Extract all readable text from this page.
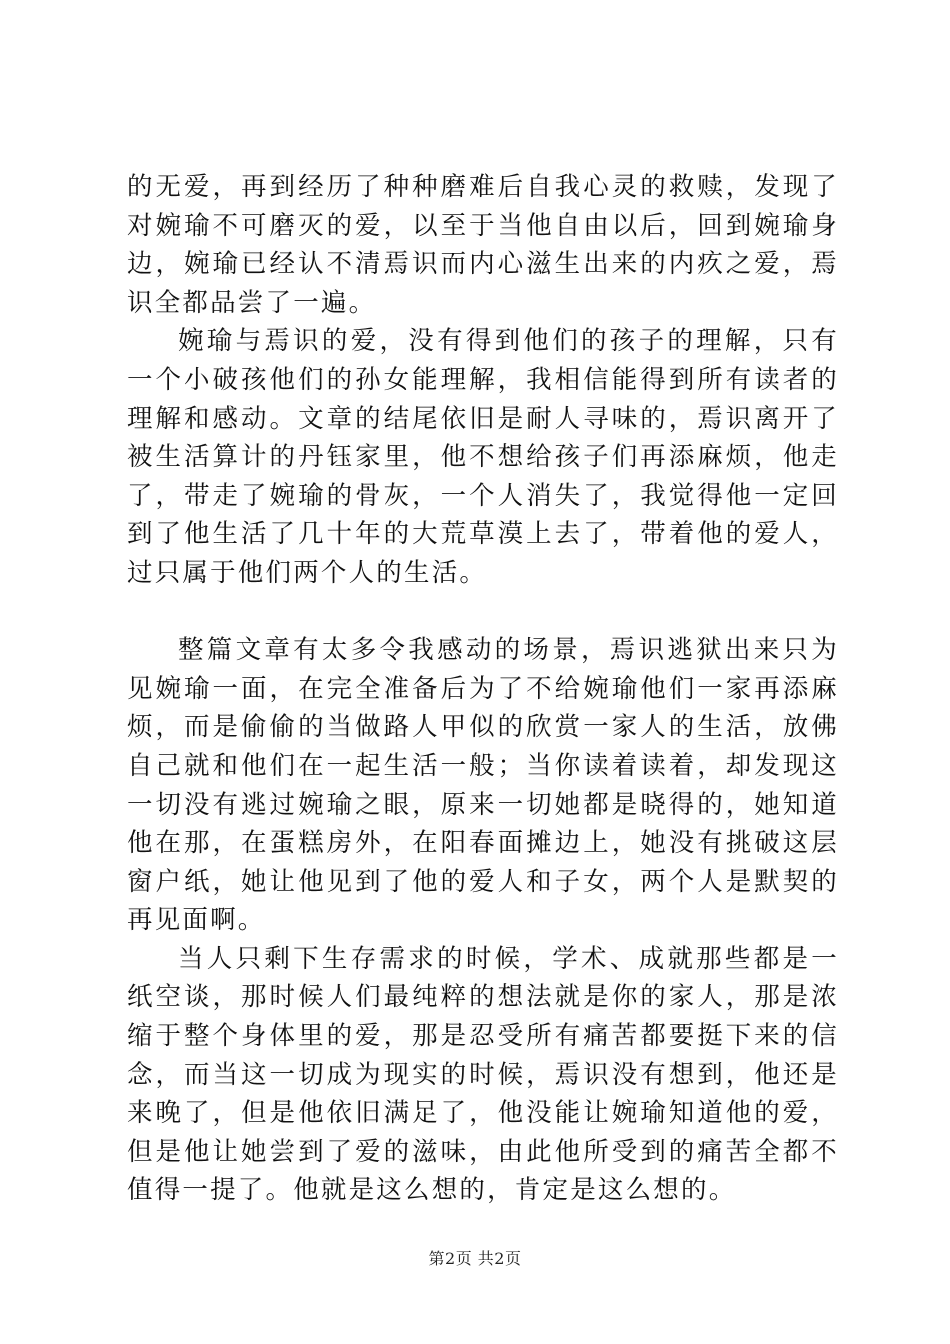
的无爱，再到经历了种种磨难后自我心灵的救赎，发现了对婉瑜不可磨灭的爱，以至于当他自由以后，回到婉瑜身边，婉瑜已经认不清焉识而内心滋生出来的内疚之爱，焉识全都品尝了一遍。

婉瑜与焉识的爱，没有得到他们的孩子的理解，只有一个小破孩他们的孙女能理解，我相信能得到所有读者的理解和感动。文章的结尾依旧是耐人寻味的，焉识离开了被生活算计的丹钰家里，他不想给孩子们再添麻烦，他走了，带走了婉瑜的骨灰，一个人消失了，我觉得他一定回到了他生活了几十年的大荒草漠上去了，带着他的爱人，过只属于他们两个人的生活。

整篇文章有太多令我感动的场景，焉识逃狱出来只为见婉瑜一面，在完全准备后为了不给婉瑜他们一家再添麻烦，而是偷偷的当做路人甲似的欣赏一家人的生活，放佛自己就和他们在一起生活一般；当你读着读着，却发现这一切没有逃过婉瑜之眼，原来一切她都是晓得的，她知道他在那，在蛋糕房外，在阳春面摊边上，她没有挑破这层窗户纸，她让他见到了他的爱人和子女，两个人是默契的再见面啊。

当人只剩下生存需求的时候，学术、成就那些都是一纸空谈，那时候人们最纯粹的想法就是你的家人，那是浓缩于整个身体里的爱，那是忍受所有痛苦都要挺下来的信念，而当这一切成为现实的时候，焉识没有想到，他还是来晚了，但是他依旧满足了，他没能让婉瑜知道他的爱，但是他让她尝到了爱的滋味，由此他所受到的痛苦全都不值得一提了。他就是这么想的，肯定是这么想的。

第2页 共2页
